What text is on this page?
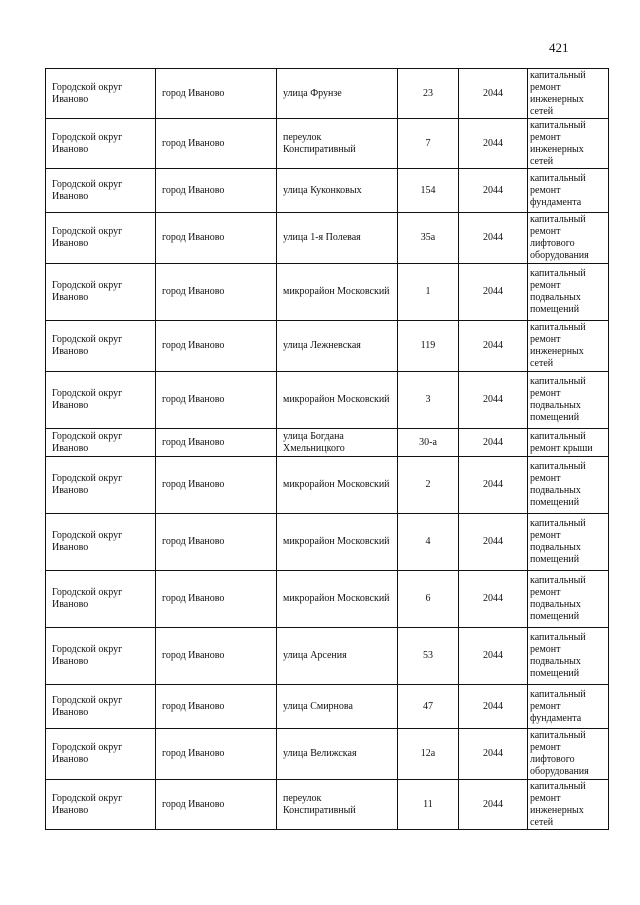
421
Городской округ Иваново	город Иваново	улица Фрунзе	23	2044	капитальный ремонт инженерных сетей
Городской округ Иваново	город Иваново	переулок Конспиративный	7	2044	капитальный ремонт инженерных сетей
Городской округ Иваново	город Иваново	улица Куконковых	154	2044	капитальный ремонт фундамента
Городской округ Иваново	город Иваново	улица 1-я Полевая	35а	2044	капитальный ремонт лифтового оборудования
Городской округ Иваново	город Иваново	микрорайон Московский	1	2044	капитальный ремонт подвальных помещений
Городской округ Иваново	город Иваново	улица Лежневская	119	2044	капитальный ремонт инженерных сетей
Городской округ Иваново	город Иваново	микрорайон Московский	3	2044	капитальный ремонт подвальных помещений
Городской округ Иваново	город Иваново	улица Богдана Хмельницкого	30-а	2044	капитальный ремонт крыши
Городской округ Иваново	город Иваново	микрорайон Московский	2	2044	капитальный ремонт подвальных помещений
Городской округ Иваново	город Иваново	микрорайон Московский	4	2044	капитальный ремонт подвальных помещений
Городской округ Иваново	город Иваново	микрорайон Московский	6	2044	капитальный ремонт подвальных помещений
Городской округ Иваново	город Иваново	улица Арсения	53	2044	капитальный ремонт подвальных помещений
Городской округ Иваново	город Иваново	улица Смирнова	47	2044	капитальный ремонт фундамента
Городской округ Иваново	город Иваново	улица Велижская	12а	2044	капитальный ремонт лифтового оборудования
Городской округ Иваново	город Иваново	переулок Конспиративный	11	2044	капитальный ремонт инженерных сетей
